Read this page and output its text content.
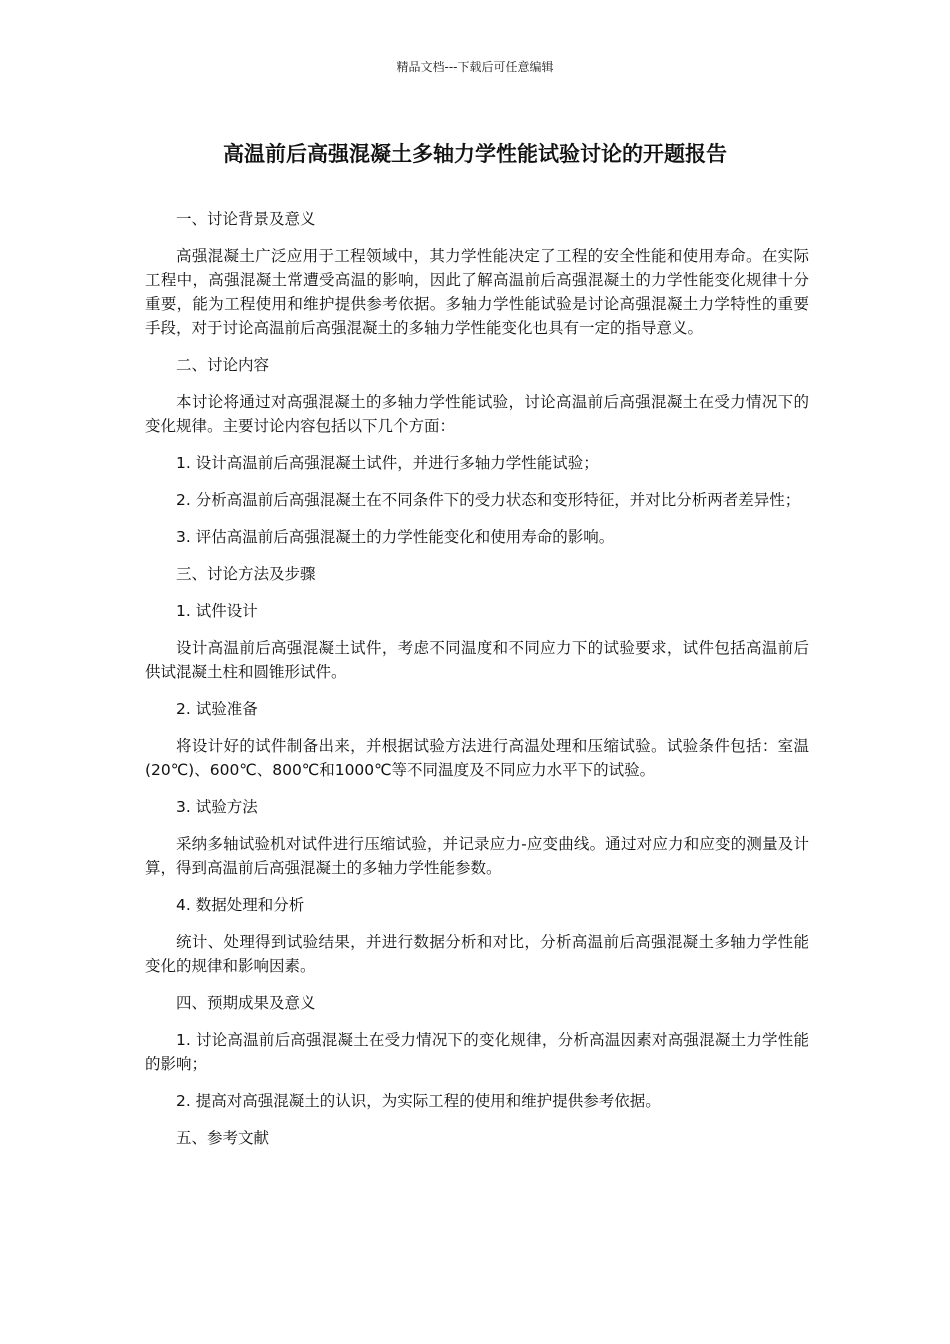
精品文档---下载后可任意编辑
高温前后高强混凝土多轴力学性能试验讨论的开题报告

一、讨论背景及意义

高强混凝土广泛应用于工程领域中，其力学性能决定了工程的安全性能和使用寿命。在实际工程中，高强混凝土常遭受高温的影响，因此了解高温前后高强混凝土的力学性能变化规律十分重要，能为工程使用和维护提供参考依据。多轴力学性能试验是讨论高强混凝土力学特性的重要手段，对于讨论高温前后高强混凝土的多轴力学性能变化也具有一定的指导意义。

二、讨论内容

本讨论将通过对高强混凝土的多轴力学性能试验，讨论高温前后高强混凝土在受力情况下的变化规律。主要讨论内容包括以下几个方面：

1. 设计高温前后高强混凝土试件，并进行多轴力学性能试验；

2. 分析高温前后高强混凝土在不同条件下的受力状态和变形特征，并对比分析两者差异性；

3. 评估高温前后高强混凝土的力学性能变化和使用寿命的影响。

三、讨论方法及步骤

1. 试件设计

设计高温前后高强混凝土试件，考虑不同温度和不同应力下的试验要求，试件包括高温前后供试混凝土柱和圆锥形试件。

2. 试验准备

将设计好的试件制备出来，并根据试验方法进行高温处理和压缩试验。试验条件包括：室温(20℃)、600℃、800℃和1000℃等不同温度及不同应力水平下的试验。

3. 试验方法

采纳多轴试验机对试件进行压缩试验，并记录应力-应变曲线。通过对应力和应变的测量及计算，得到高温前后高强混凝土的多轴力学性能参数。

4. 数据处理和分析

统计、处理得到试验结果，并进行数据分析和对比，分析高温前后高强混凝土多轴力学性能变化的规律和影响因素。

四、预期成果及意义

1. 讨论高温前后高强混凝土在受力情况下的变化规律，分析高温因素对高强混凝土力学性能的影响；

2. 提高对高强混凝土的认识，为实际工程的使用和维护提供参考依据。

五、参考文献
